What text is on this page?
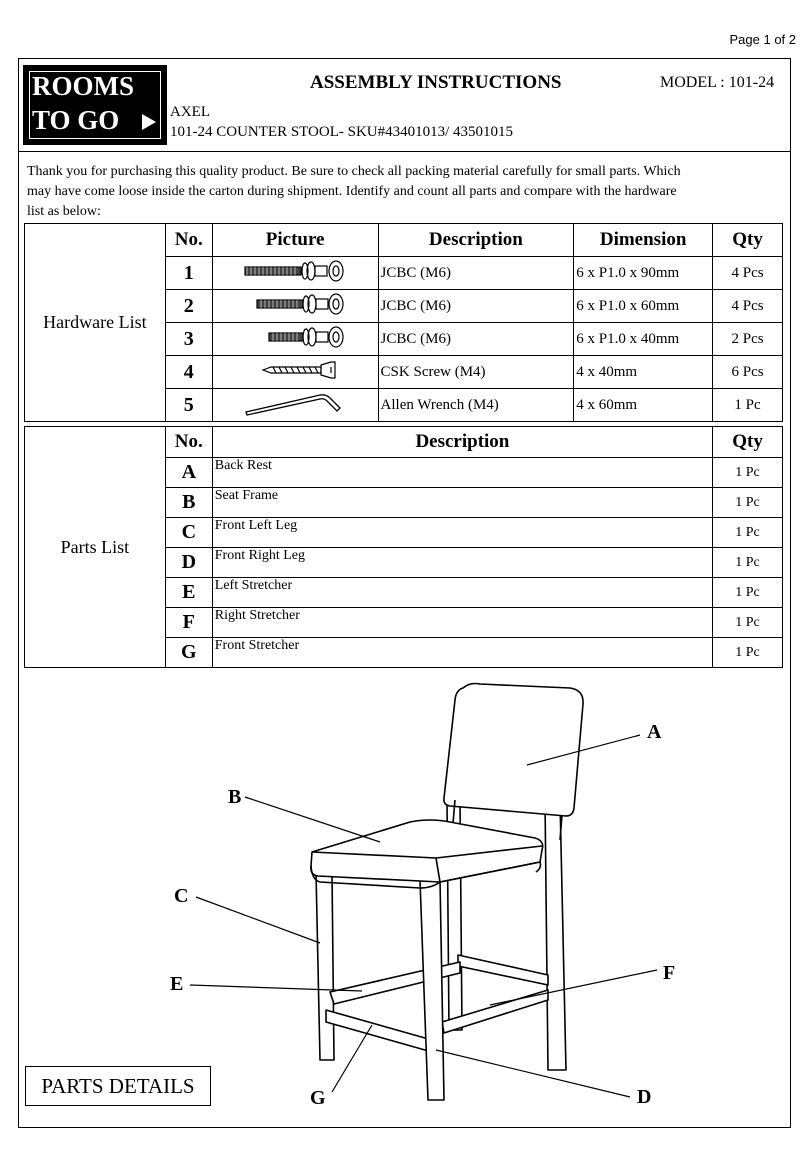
Page 1 of 2
ROOMS
TO GO
ASSEMBLY INSTRUCTIONS	MODEL : 101-24
AXEL
101-24 COUNTER STOOL- SKU#43401013/ 43501015
Thank you for purchasing this quality product. Be sure to check all packing material carefully for small parts. Which may have come loose inside the carton during shipment. Identify and count all parts and compare with the hardware list as below:
Hardware List	No.	Picture	Description	Dimension	Qty
	1		JCBC (M6)	6 x P1.0 x 90mm	4 Pcs
	2		JCBC (M6)	6 x P1.0 x 60mm	4 Pcs
	3		JCBC (M6)	6 x P1.0 x 40mm	2 Pcs
	4		CSK Screw (M4)	4 x 40mm	6 Pcs
	5		Allen Wrench (M4)	4 x 60mm	1 Pc
Parts List	No.	Description	Qty
	A	Back Rest	1 Pc
	B	Seat Frame	1 Pc
	C	Front Left Leg	1 Pc
	D	Front Right Leg	1 Pc
	E	Left Stretcher	1 Pc
	F	Right Stretcher	1 Pc
	G	Front Stretcher	1 Pc
A
B
C
D
E	F
G
PARTS DETAILS
